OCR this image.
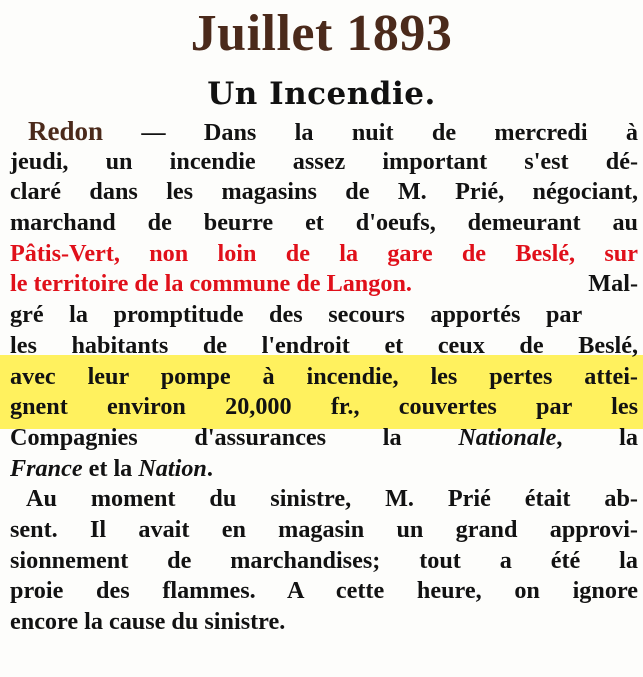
Juillet 1893
Un Incendie.
Redon — Dans la nuit de mercredi à
jeudi, un incendie assez important s'est dé-
claré dans les magasins de M. Prié, négociant,
marchand de beurre et d'oeufs, demeurant au
Pâtis-Vert, non loin de la gare de Beslé, sur
le territoire de la commune de Langon.	Mal-
gré la promptitude des secours apportés par
les habitants de l'endroit et ceux de Beslé,
avec leur pompe à incendie, les pertes attei-
gnent environ 20,000 fr., couvertes par les
Compagnies d'assurances la Nationale, la
France et la Nation.
Au moment du sinistre, M. Prié était ab-
sent. Il avait en magasin un grand approvi-
sionnement de marchandises; tout a été la
proie des flammes. A cette heure, on ignore
encore la cause du sinistre.
